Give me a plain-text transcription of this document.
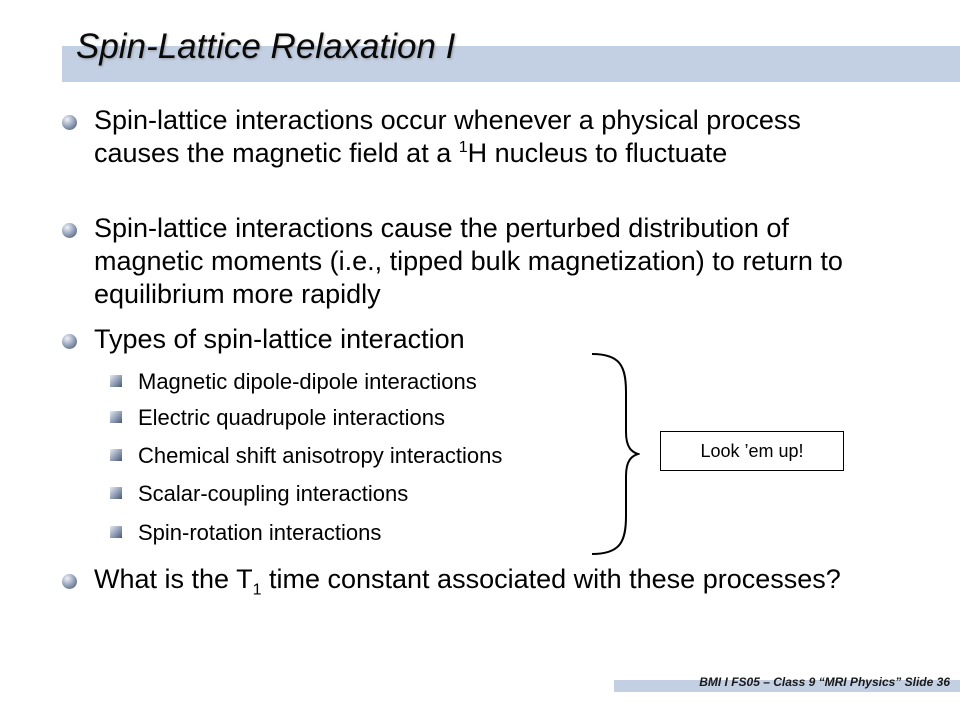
Spin-Lattice Relaxation I

Spin-lattice interactions occur whenever a physical process causes the magnetic field at a $^1$H nucleus to fluctuate

Spin-lattice interactions cause the perturbed distribution of magnetic moments (i.e., tipped bulk magnetization) to return to equilibrium more rapidly

Types of spin-lattice interaction

Magnetic dipole-dipole interactions

Electric quadrupole interactions

Chemical shift anisotropy interactions

Scalar-coupling interactions

Spin-rotation interactions

Look ’em up!

What is the $T_1$ time constant associated with these processes?

BMI I FS05 – Class 9 “MRI Physics” Slide 36
